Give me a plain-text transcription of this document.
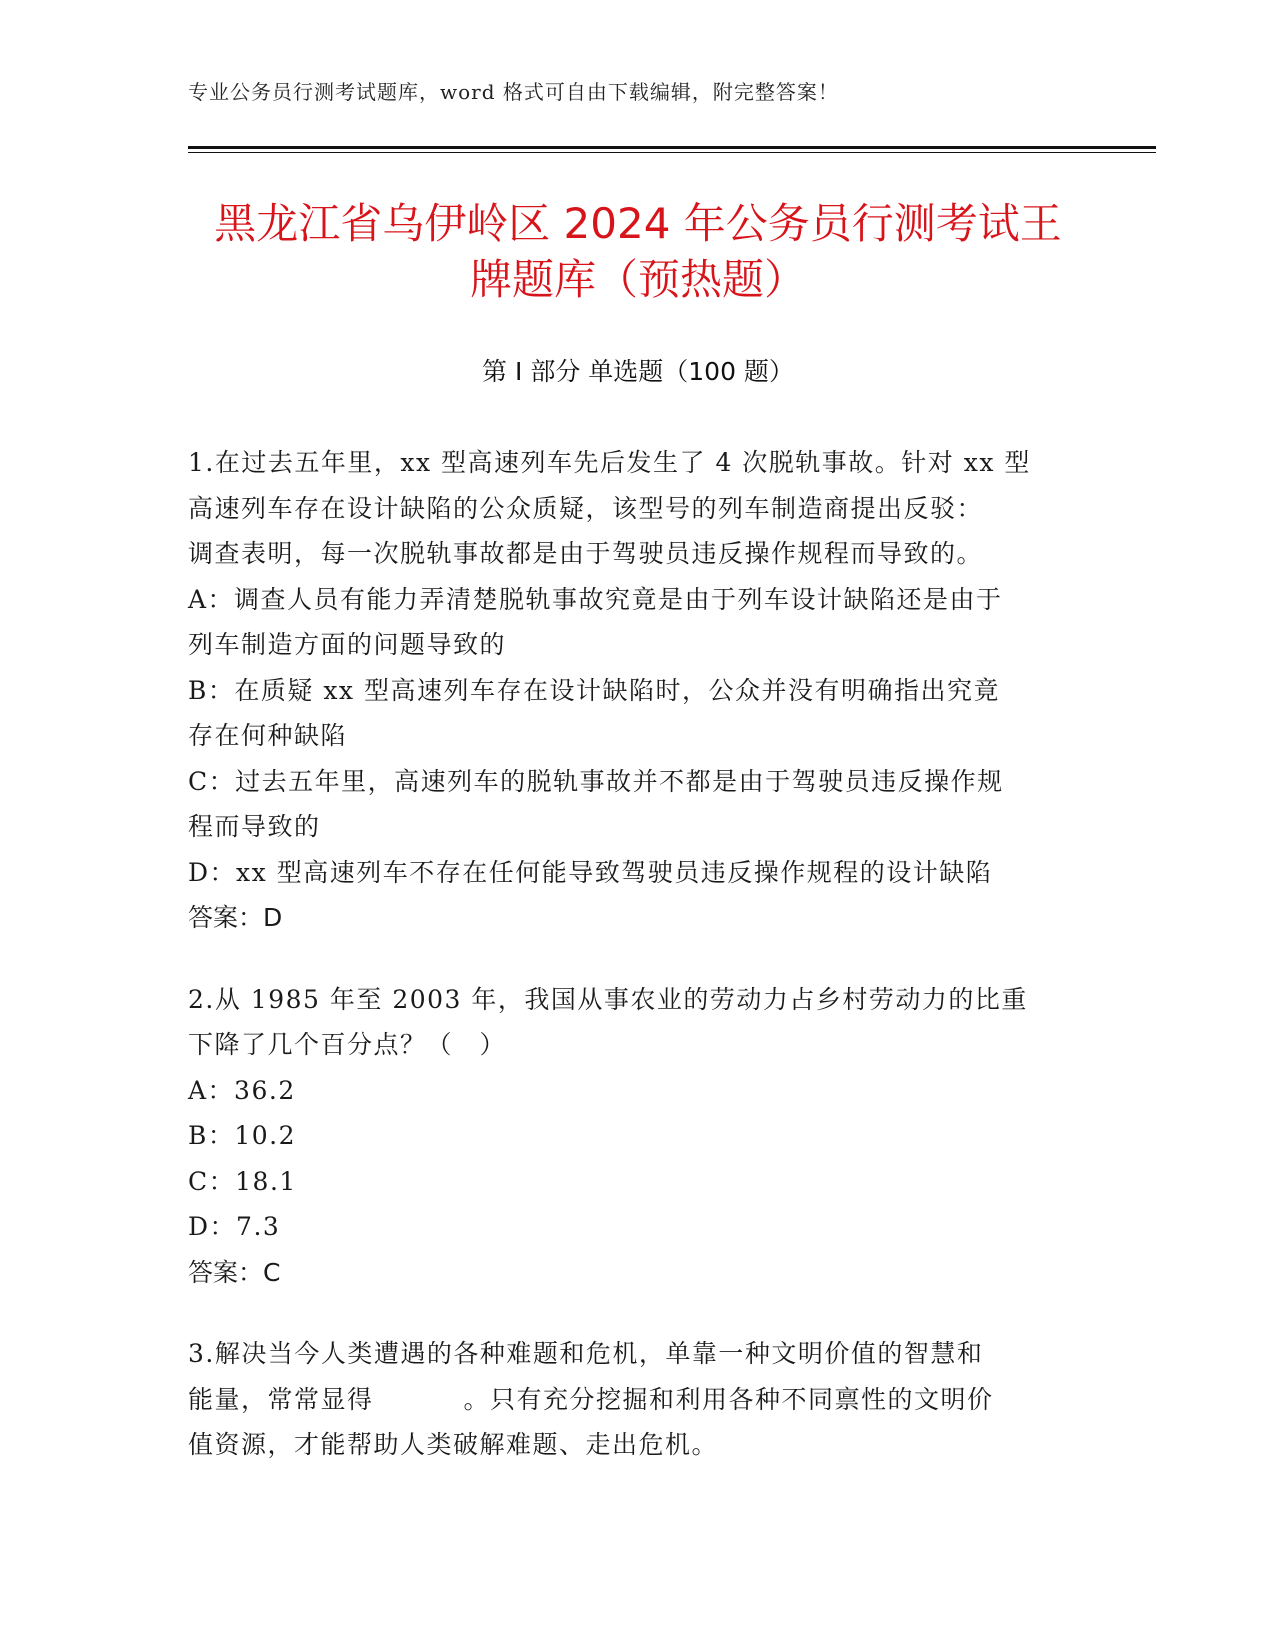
专业公务员行测考试题库，word 格式可自由下载编辑，附完整答案！
黑龙江省乌伊岭区 2024 年公务员行测考试王
牌题库（预热题）
第 I 部分 单选题（100 题）

1.在过去五年里，xx 型高速列车先后发生了 4 次脱轨事故。针对 xx 型

高速列车存在设计缺陷的公众质疑，该型号的列车制造商提出反驳：

调查表明，每一次脱轨事故都是由于驾驶员违反操作规程而导致的。

A：调查人员有能力弄清楚脱轨事故究竟是由于列车设计缺陷还是由于

列车制造方面的问题导致的

B：在质疑 xx 型高速列车存在设计缺陷时，公众并没有明确指出究竟

存在何种缺陷

C：过去五年里，高速列车的脱轨事故并不都是由于驾驶员违反操作规

程而导致的

D：xx 型高速列车不存在任何能导致驾驶员违反操作规程的设计缺陷

答案：D

2.从 1985 年至 2003 年，我国从事农业的劳动力占乡村劳动力的比重

下降了几个百分点？（　）

A：36.2

B：10.2

C：18.1

D：7.3

答案：C

3.解决当今人类遭遇的各种难题和危机，单靠一种文明价值的智慧和

能量，常常显得	。只有充分挖掘和利用各种不同禀性的文明价

值资源，才能帮助人类破解难题、走出危机。
